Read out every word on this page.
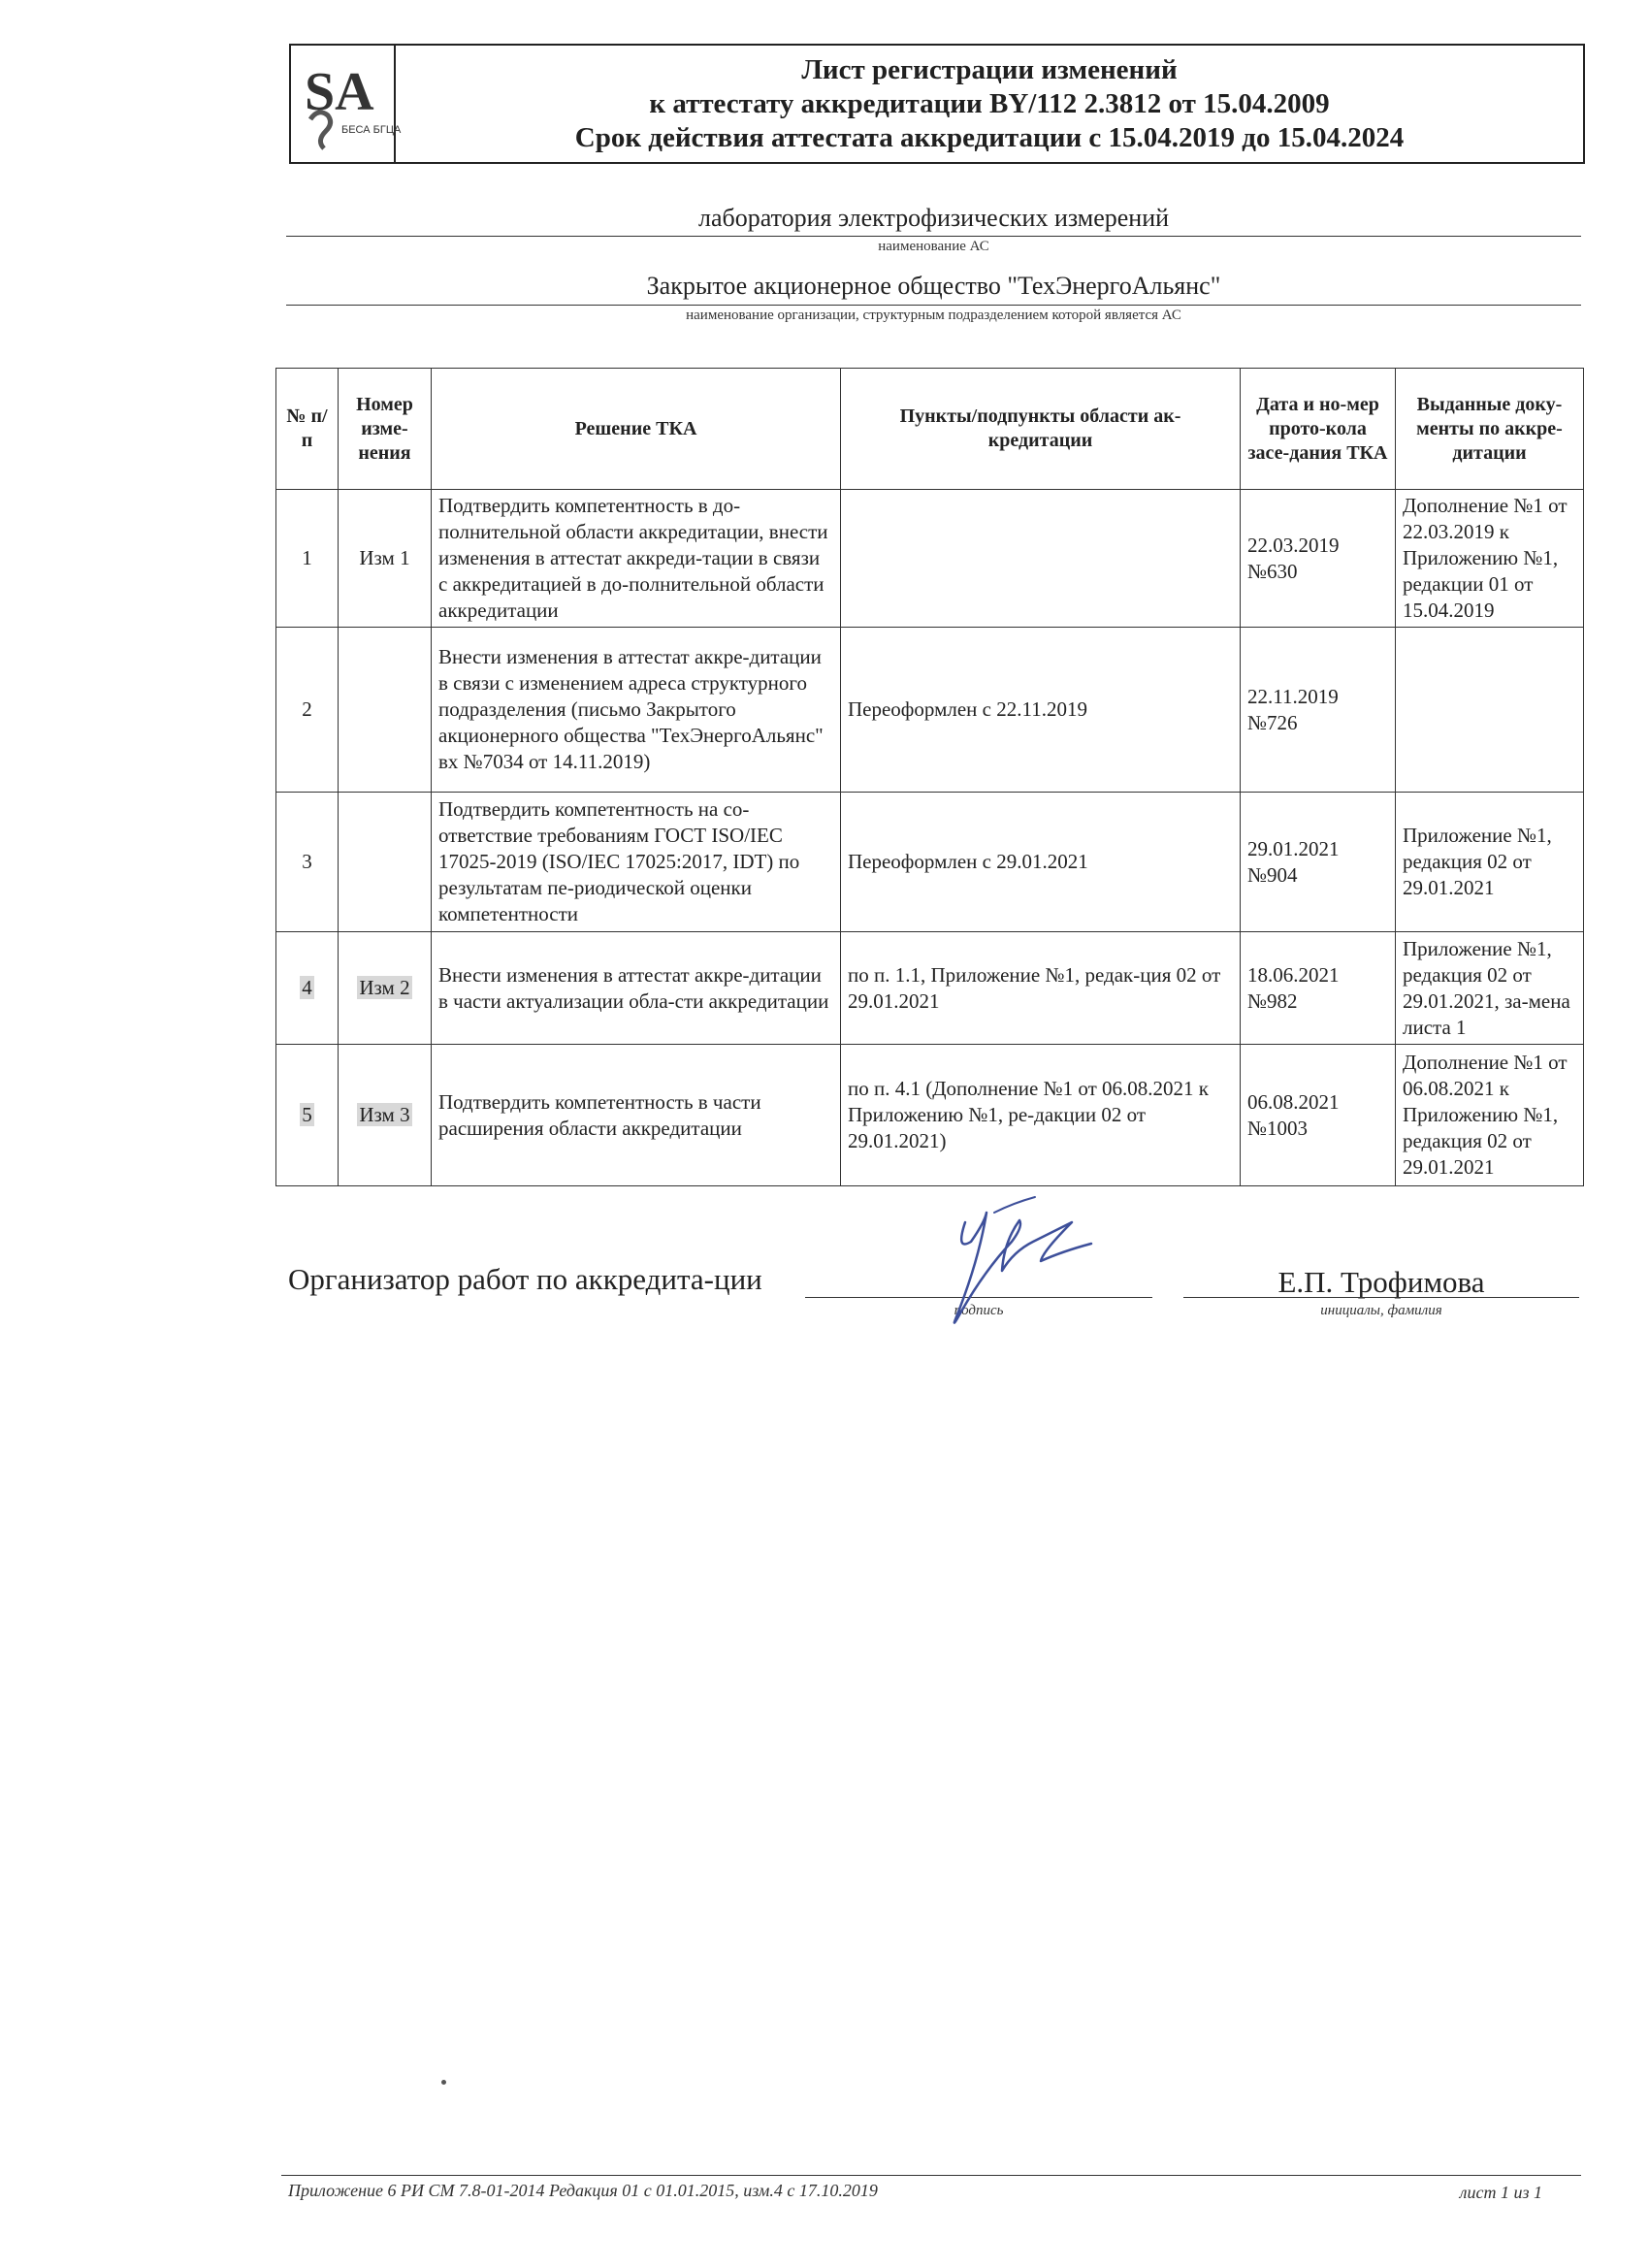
SA
БЕСА БГЦА
Лист регистрации изменений
к аттестату аккредитации BY/112 2.3812 от 15.04.2009
Срок действия аттестата аккредитации с 15.04.2019 до 15.04.2024
лаборатория электрофизических измерений
наименование АС
Закрытое акционерное общество "ТехЭнергоАльянс"
наименование организации, структурным подразделением которой является АС
№ п/п	Номер изме-нения	Решение ТКА	Пункты/подпункты области ак-кредитации	Дата и но-мер прото-кола засе-дания ТКА	Выданные доку-менты по аккре-дитации
1	Изм 1	Подтвердить компетентность в до-полнительной области аккредитации, внести изменения в аттестат аккреди-тации в связи с аккредитацией в до-полнительной области аккредитации		22.03.2019 №630	Дополнение №1 от 22.03.2019 к Приложению №1, редакции 01 от 15.04.2019
2		Внести изменения в аттестат аккре-дитации в связи с изменением адреса структурного подразделения (письмо Закрытого акционерного общества "ТехЭнергоАльянс" вх №7034 от 14.11.2019)	Переоформлен с 22.11.2019	22.11.2019 №726	
3		Подтвердить компетентность на со-ответствие требованиям ГОСТ ISO/IEC 17025-2019 (ISO/IEC 17025:2017, IDT) по результатам пе-риодической оценки компетентности	Переоформлен с 29.01.2021	29.01.2021 №904	Приложение №1, редакция 02 от 29.01.2021
4	Изм 2	Внести изменения в аттестат аккре-дитации в части актуализации обла-сти аккредитации	по п. 1.1, Приложение №1, редак-ция 02 от 29.01.2021	18.06.2021 №982	Приложение №1, редакция 02 от 29.01.2021, за-мена листа 1
5	Изм 3	Подтвердить компетентность в части расширения области аккредитации	по п. 4.1 (Дополнение №1 от 06.08.2021 к Приложению №1, ре-дакции 02 от 29.01.2021)	06.08.2021 №1003	Дополнение №1 от 06.08.2021 к Приложению №1, редакция 02 от 29.01.2021
Организатор работ по аккредита-ции
подпись
Е.П. Трофимова
инициалы, фамилия
Приложение 6 РИ СМ 7.8-01-2014 Редакция 01 с 01.01.2015, изм.4 с 17.10.2019	лист 1 из 1
